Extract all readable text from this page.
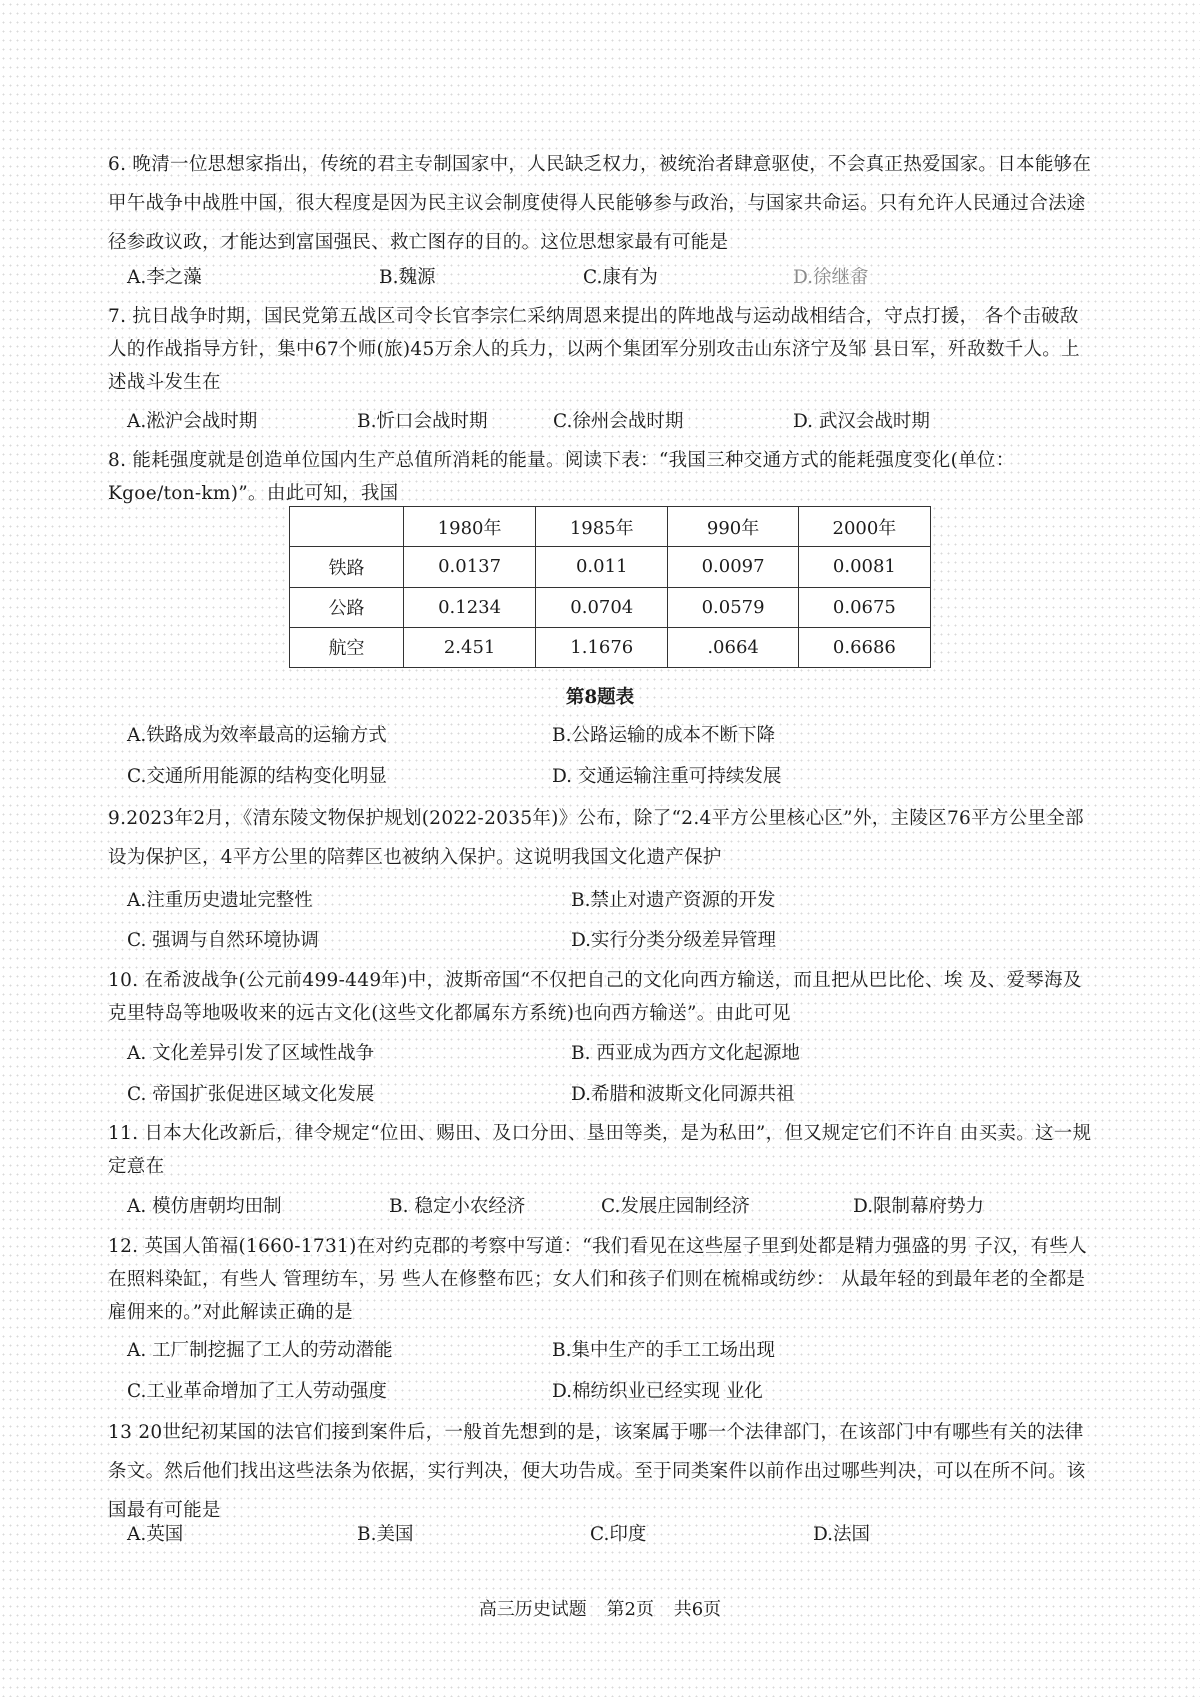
6. 晚清一位思想家指出，传统的君主专制国家中，人民缺乏权力，被统治者肆意驱使，不会真正热爱国家。日本能够在甲午战争中战胜中国，很大程度是因为民主议会制度使得人民能够参与政治，与国家共命运。只有允许人民通过合法途径参政议政，才能达到富国强民、救亡图存的目的。这位思想家最有可能是

A.李之藻	B.魏源	C.康有为	D.徐继畬

7. 抗日战争时期，国民党第五战区司令长官李宗仁采纳周恩来提出的阵地战与运动战相结合，守点打援， 各个击破敌人的作战指导方针，集中67个师(旅)45万余人的兵力，以两个集团军分别攻击山东济宁及邹 县日军，歼敌数千人。上述战斗发生在

A.淞沪会战时期	B.忻口会战时期	C.徐州会战时期	D. 武汉会战时期

8. 能耗强度就是创造单位国内生产总值所消耗的能量。阅读下表：“我国三种交通方式的能耗强度变化(单位：Kgoe/ton-km)”。由此可知，我国

	1980年	1985年	990年	2000年
铁路	0.0137	0.011	0.0097	0.0081
公路	0.1234	0.0704	0.0579	0.0675
航空	2.451	1.1676	.0664	0.6686
第8题表
A.铁路成为效率最高的运输方式	B.公路运输的成本不断下降
C.交通所用能源的结构变化明显	D. 交通运输注重可持续发展

9.2023年2月，《清东陵文物保护规划(2022-2035年)》公布，除了“2.4平方公里核心区”外，主陵区76平方公里全部设为保护区，4平方公里的陪葬区也被纳入保护。这说明我国文化遗产保护

A.注重历史遗址完整性	B.禁止对遗产资源的开发
C. 强调与自然环境协调	D.实行分类分级差异管理

10. 在希波战争(公元前499-449年)中，波斯帝国“不仅把自己的文化向西方输送，而且把从巴比伦、埃 及、爱琴海及克里特岛等地吸收来的远古文化(这些文化都属东方系统)也向西方输送”。由此可见

A. 文化差异引发了区域性战争	B. 西亚成为西方文化起源地
C. 帝国扩张促进区域文化发展	D.希腊和波斯文化同源共祖

11. 日本大化改新后，律令规定“位田、赐田、及口分田、垦田等类，是为私田”，但又规定它们不许自 由买卖。这一规定意在

A. 模仿唐朝均田制	B. 稳定小农经济	C.发展庄园制经济	D.限制幕府势力

12. 英国人笛福(1660-1731)在对约克郡的考察中写道：“我们看见在这些屋子里到处都是精力强盛的男 子汉，有些人在照料染缸，有些人 管理纺车，另 些人在修整布匹；女人们和孩子们则在梳棉或纺纱： 从最年轻的到最年老的全都是雇佣来的。”对此解读正确的是

A. 工厂制挖掘了工人的劳动潜能	B.集中生产的手工工场出现
C.工业革命增加了工人劳动强度	D.棉纺织业已经实现 业化

13 20世纪初某国的法官们接到案件后，一般首先想到的是，该案属于哪一个法律部门，在该部门中有哪些有关的法律条文。然后他们找出这些法条为依据，实行判决，便大功告成。至于同类案件以前作出过哪些判决，可以在所不问。该国最有可能是

A.英国	B.美国	C.印度	D.法国
高三历史试题 第2页 共6页
